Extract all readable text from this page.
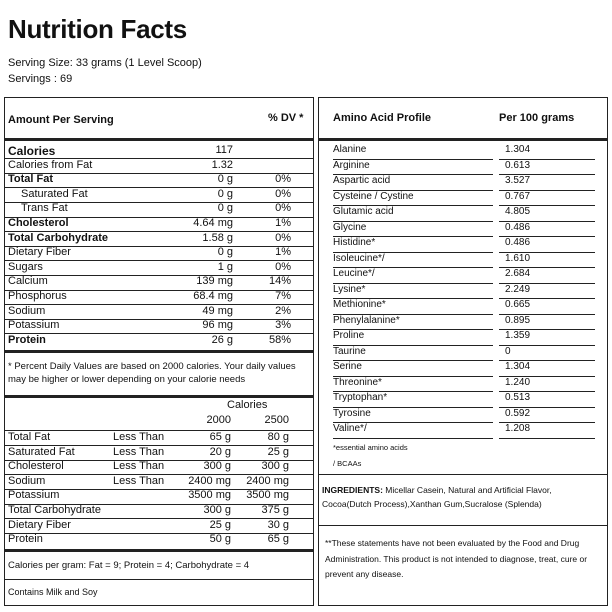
Nutrition Facts
Serving Size: 33 grams (1 Level Scoop)
Servings : 69
Amount Per Serving	% DV *
Calories	117
Calories from Fat	1.32
Total Fat	0 g	0%
Saturated Fat	0 g	0%
Trans Fat	0 g	0%
Cholesterol	4.64 mg	1%
Total Carbohydrate	1.58 g	0%
Dietary Fiber	0 g	1%
Sugars	1 g	0%
Calcium	139 mg	14%
Phosphorus	68.4 mg	7%
Sodium	49 mg	2%
Potassium	96 mg	3%
Protein	26 g	58%
* Percent Daily Values are based on 2000 calories. Your daily values may be higher or lower depending on your calorie needs
Calories
2000	2500
Total Fat	Less Than	65 g	80 g
Saturated Fat	Less Than	20 g	25 g
Cholesterol	Less Than	300 g	300 g
Sodium	Less Than	2400 mg	2400 mg
Potassium	3500 mg	3500 mg
Total Carbohydrate	300 g	375 g
Dietary Fiber	25 g	30 g
Protein	50 g	65 g
Calories per gram: Fat = 9; Protein = 4; Carbohydrate = 4
Contains Milk and Soy
Amino Acid Profile	Per 100 grams
Alanine	1.304
Arginine	0.613
Aspartic acid	3.527
Cysteine / Cystine	0.767
Glutamic acid	4.805
Glycine	0.486
Histidine*	0.486
Isoleucine*/	1.610
Leucine*/	2.684
Lysine*	2.249
Methionine*	0.665
Phenylalanine*	0.895
Proline	1.359
Taurine	0
Serine	1.304
Threonine*	1.240
Tryptophan*	0.513
Tyrosine	0.592
Valine*/	1.208
*essential amino acids
/ BCAAs
INGREDIENTS: Micellar Casein, Natural and Artificial Flavor, Cocoa(Dutch Process),Xanthan Gum,Sucralose (Splenda)
**These statements have not been evaluated by the Food and Drug Administration. This product is not intended to diagnose, treat, cure or prevent any disease.
